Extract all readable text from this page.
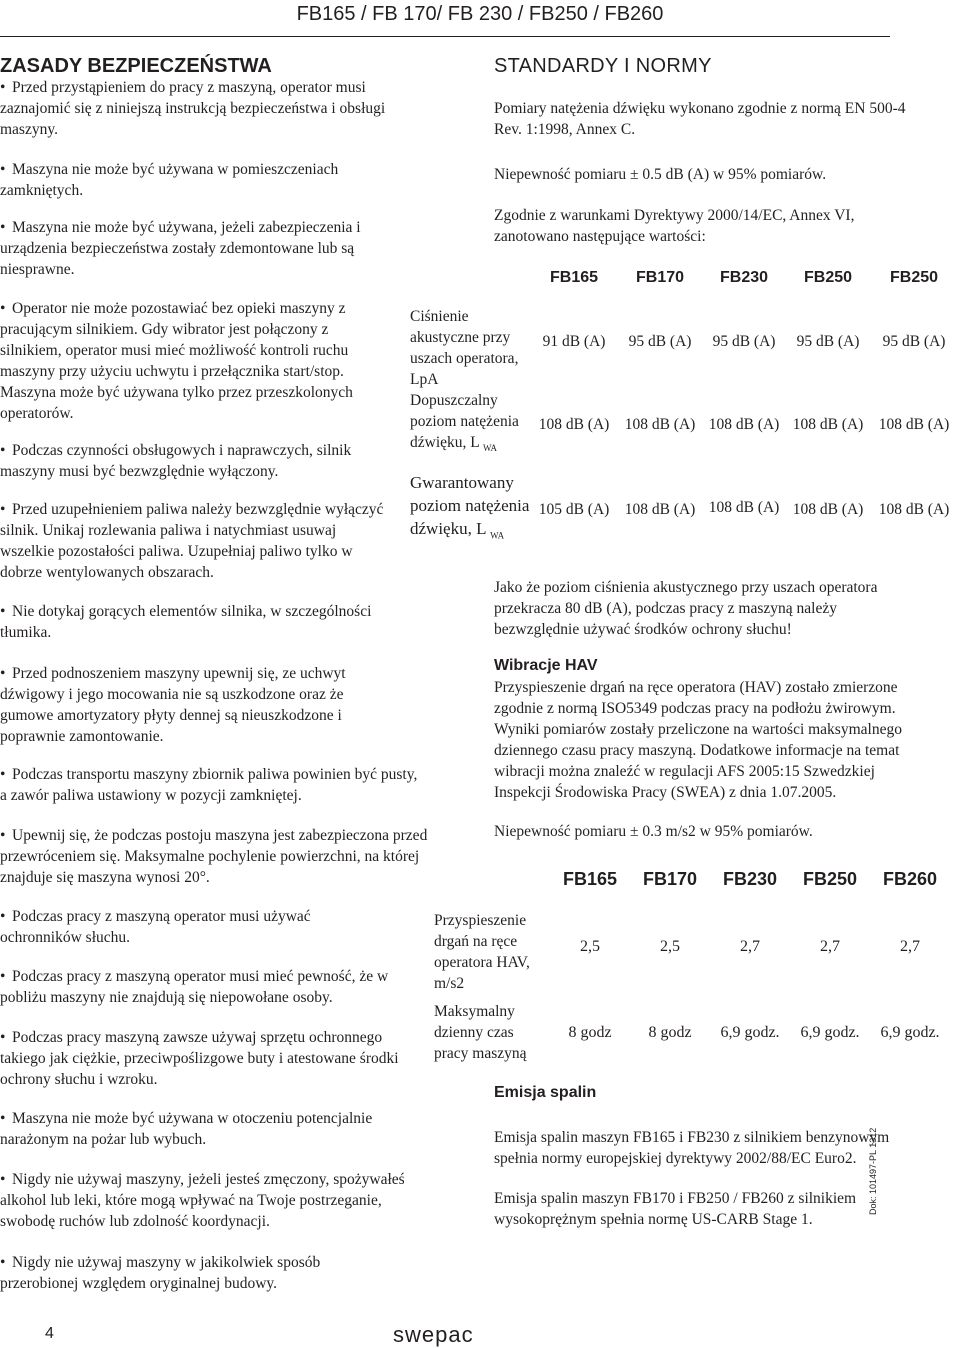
FB165 / FB 170/ FB 230 / FB250 / FB260
ZASADY BEZPIECZEŃSTWA
• Przed przystąpieniem do pracy z maszyną, operator musi zaznajomić się z niniejszą instrukcją bezpieczeństwa i obsługi maszyny.
• Maszyna nie może być używana w pomieszczeniach zamkniętych.
• Maszyna nie może być używana, jeżeli zabezpieczenia i urządzenia bezpieczeństwa zostały zdemontowane lub są niesprawne.
• Operator nie może pozostawiać bez opieki maszyny z pracującym silnikiem. Gdy wibrator jest połączony z silnikiem, operator musi mieć możliwość kontroli ruchu maszyny przy użyciu uchwytu i przełącznika start/stop. Maszyna może być używana tylko przez przeszkolonych operatorów.
• Podczas czynności obsługowych i naprawczych, silnik maszyny musi być bezwzględnie wyłączony.
• Przed uzupełnieniem paliwa należy bezwzględnie wyłączyć silnik. Unikaj rozlewania paliwa i natychmiast usuwaj wszelkie pozostałości paliwa. Uzupełniaj paliwo tylko w dobrze wentylowanych obszarach.
• Nie dotykaj gorących elementów silnika, w szczególności tłumika.
• Przed podnoszeniem maszyny upewnij się, ze uchwyt dźwigowy i jego mocowania nie są uszkodzone oraz że gumowe amortyzatory płyty dennej są nieuszkodzone i poprawnie zamontowanie.
• Podczas transportu maszyny zbiornik paliwa powinien być pusty, a zawór paliwa ustawiony w pozycji zamkniętej.
• Upewnij się, że podczas postoju maszyna jest zabezpieczona przed przewróceniem się. Maksymalne pochylenie powierzchni, na której znajduje się maszyna wynosi 20°.
• Podczas pracy z maszyną operator musi używać ochronników słuchu.
• Podczas pracy z maszyną operator musi mieć pewność, że w pobliżu maszyny nie znajdują się niepowołane osoby.
• Podczas pracy maszyną zawsze używaj sprzętu ochronnego takiego jak ciężkie, przeciwpoślizgowe buty i atestowane środki ochrony słuchu i wzroku.
• Maszyna nie może być używana w otoczeniu potencjalnie narażonym na pożar lub wybuch.
• Nigdy nie używaj maszyny, jeżeli jesteś zmęczony, spożywałeś alkohol lub leki, które mogą wpływać na Twoje postrzeganie, swobodę ruchów lub zdolność koordynacji.
• Nigdy nie używaj maszyny w jakikolwiek sposób przerobionej względem oryginalnej budowy.
STANDARDY I NORMY
Pomiary natężenia dźwięku wykonano zgodnie z normą EN 500-4 Rev. 1:1998, Annex C.
Niepewność pomiaru ± 0.5 dB (A) w 95% pomiarów.
Zgodnie z warunkami Dyrektywy 2000/14/EC, Annex VI, zanotowano następujące wartości:
	FB165	FB170	FB230	FB250	FB250
Ciśnienie akustyczne przy uszach operatora, LpA	91 dB (A)	95 dB (A)	95 dB (A)	95 dB (A)	95 dB (A)
Dopuszczalny poziom natężenia dźwięku, L $_{WA}$	108 dB (A)	108 dB (A)	108 dB (A)	108 dB (A)	108 dB (A)
Gwarantowany poziom natężenia dźwięku, L $_{WA}$	105 dB (A)	108 dB (A)	108 dB (A)	108 dB (A)	108 dB (A)
Jako że poziom ciśnienia akustycznego przy uszach operatora przekracza 80 dB (A), podczas pracy z maszyną należy bezwzględnie używać środków ochrony słuchu!
Wibracje HAV
Przyspieszenie drgań na ręce operatora (HAV) zostało zmierzone zgodnie z normą ISO5349 podczas pracy na podłożu żwirowym. Wyniki pomiarów zostały przeliczone na wartości maksymalnego dziennego czasu pracy maszyną. Dodatkowe informacje na temat wibracji można znaleźć w regulacji AFS 2005:15 Szwedzkiej Inspekcji Środowiska Pracy (SWEA) z dnia 1.07.2005.
Niepewność pomiaru ± 0.3 m/s2 w 95% pomiarów.
	FB165	FB170	FB230	FB250	FB260
Przyspieszenie drgań na ręce operatora HAV, m/s2	2,5	2,5	2,7	2,7	2,7
Maksymalny dzienny czas pracy maszyną	8 godz	8 godz	6,9 godz.	6,9 godz.	6,9 godz.
Emisja spalin
Emisja spalin maszyn FB165 i FB230 z silnikiem benzynowym spełnia normy europejskiej dyrektywy 2002/88/EC Euro2.
Emisja spalin maszyn FB170 i FB250 / FB260 z silnikiem wysokoprężnym spełnia normę US-CARB Stage 1.
Dok: 101497-PL 1312
4	swepac
